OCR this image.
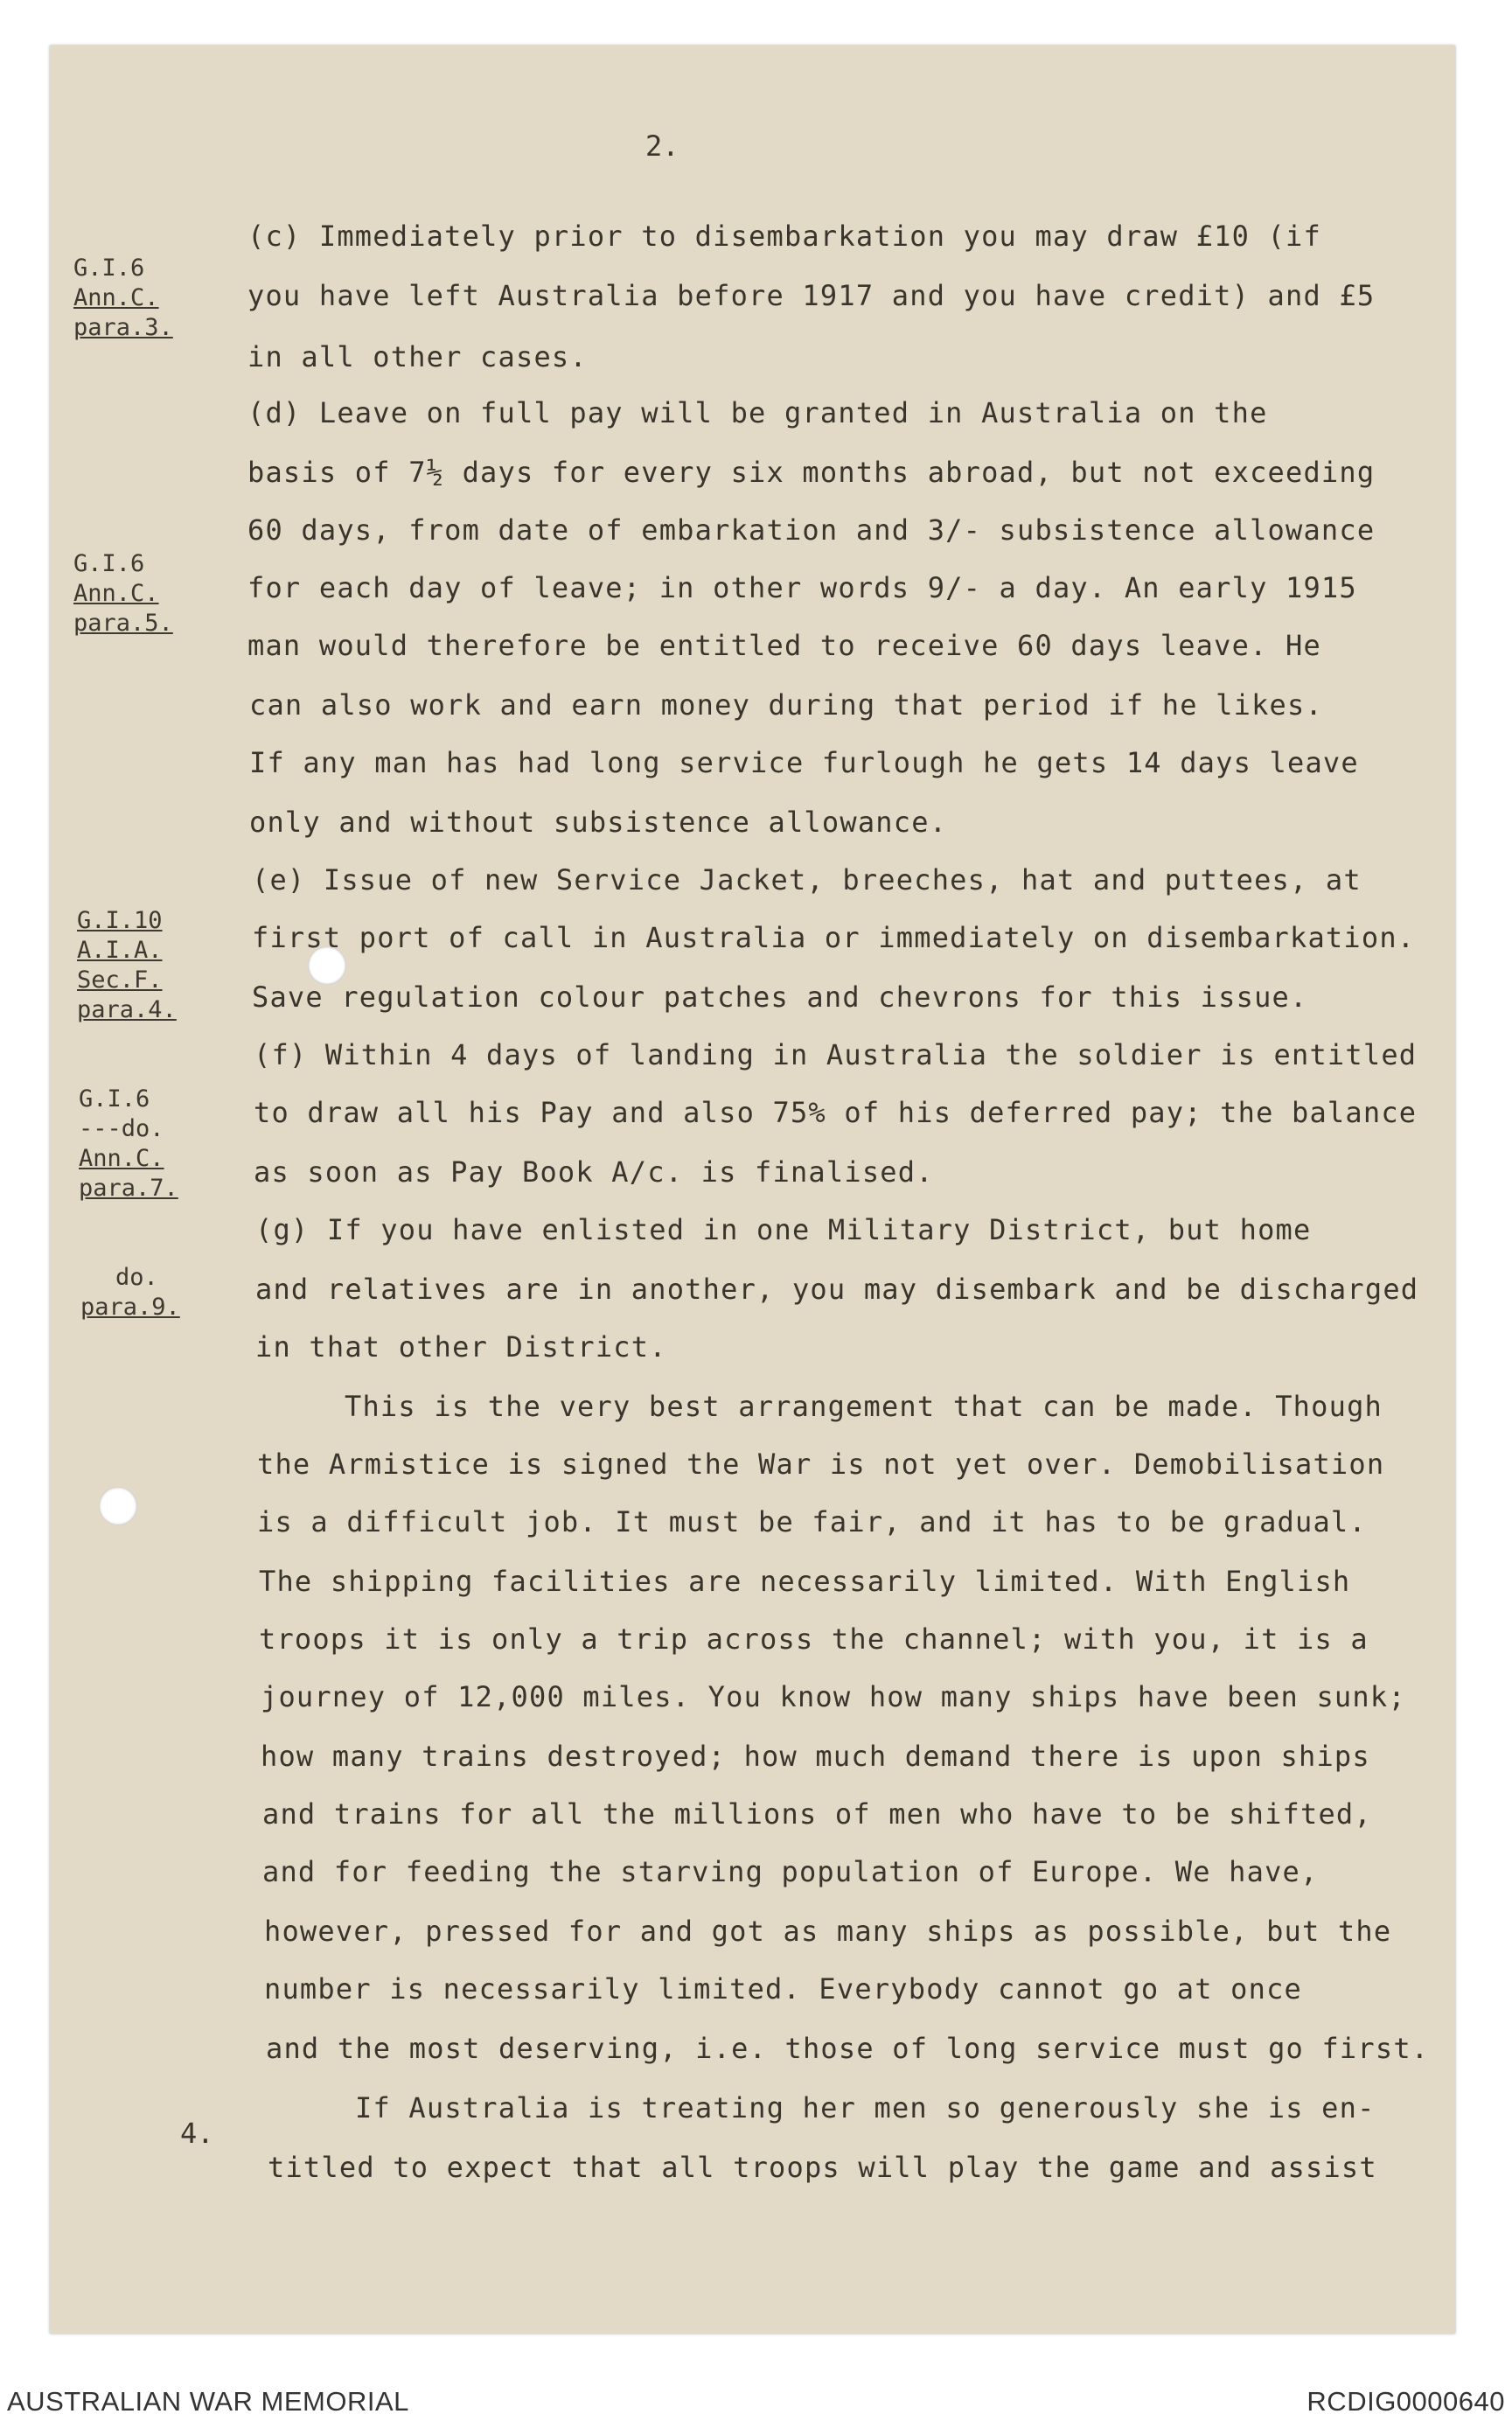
2.
G.I.6
Ann.C.
para.3.
G.I.6
Ann.C.
para.5.
G.I.10
A.I.A.
Sec.F.
para.4.
G.I.6
---do.
Ann.C.
para.7.
do.
para.9.
4.
(c) Immediately prior to disembarkation you may draw £10 (if
you have left Australia before 1917 and you have credit) and £5
in all other cases.
(d) Leave on full pay will be granted in Australia on the
basis of 7½ days for every six months abroad, but not exceeding
60 days, from date of embarkation and 3/- subsistence allowance
for each day of leave; in other words 9/- a day. An early 1915
man would therefore be entitled to receive 60 days leave. He
can also work and earn money during that period if he likes.
If any man has had long service furlough he gets 14 days leave
only and without subsistence allowance.
(e) Issue of new Service Jacket, breeches, hat and puttees, at
first port of call in Australia or immediately on disembarkation.
Save regulation colour patches and chevrons for this issue.
(f) Within 4 days of landing in Australia the soldier is entitled
to draw all his Pay and also 75% of his deferred pay; the balance
as soon as Pay Book A/c. is finalised.
(g) If you have enlisted in one Military District, but home
and relatives are in another, you may disembark and be discharged
in that other District.
This is the very best arrangement that can be made. Though
the Armistice is signed the War is not yet over. Demobilisation
is a difficult job. It must be fair, and it has to be gradual.
The shipping facilities are necessarily limited. With English
troops it is only a trip across the channel; with you, it is a
journey of 12,000 miles. You know how many ships have been sunk;
how many trains destroyed; how much demand there is upon ships
and trains for all the millions of men who have to be shifted,
and for feeding the starving population of Europe. We have,
however, pressed for and got as many ships as possible, but the
number is necessarily limited. Everybody cannot go at once
and the most deserving, i.e. those of long service must go first.
If Australia is treating her men so generously she is en-
titled to expect that all troops will play the game and assist
AUSTRALIAN WAR MEMORIAL	RCDIG0000640
